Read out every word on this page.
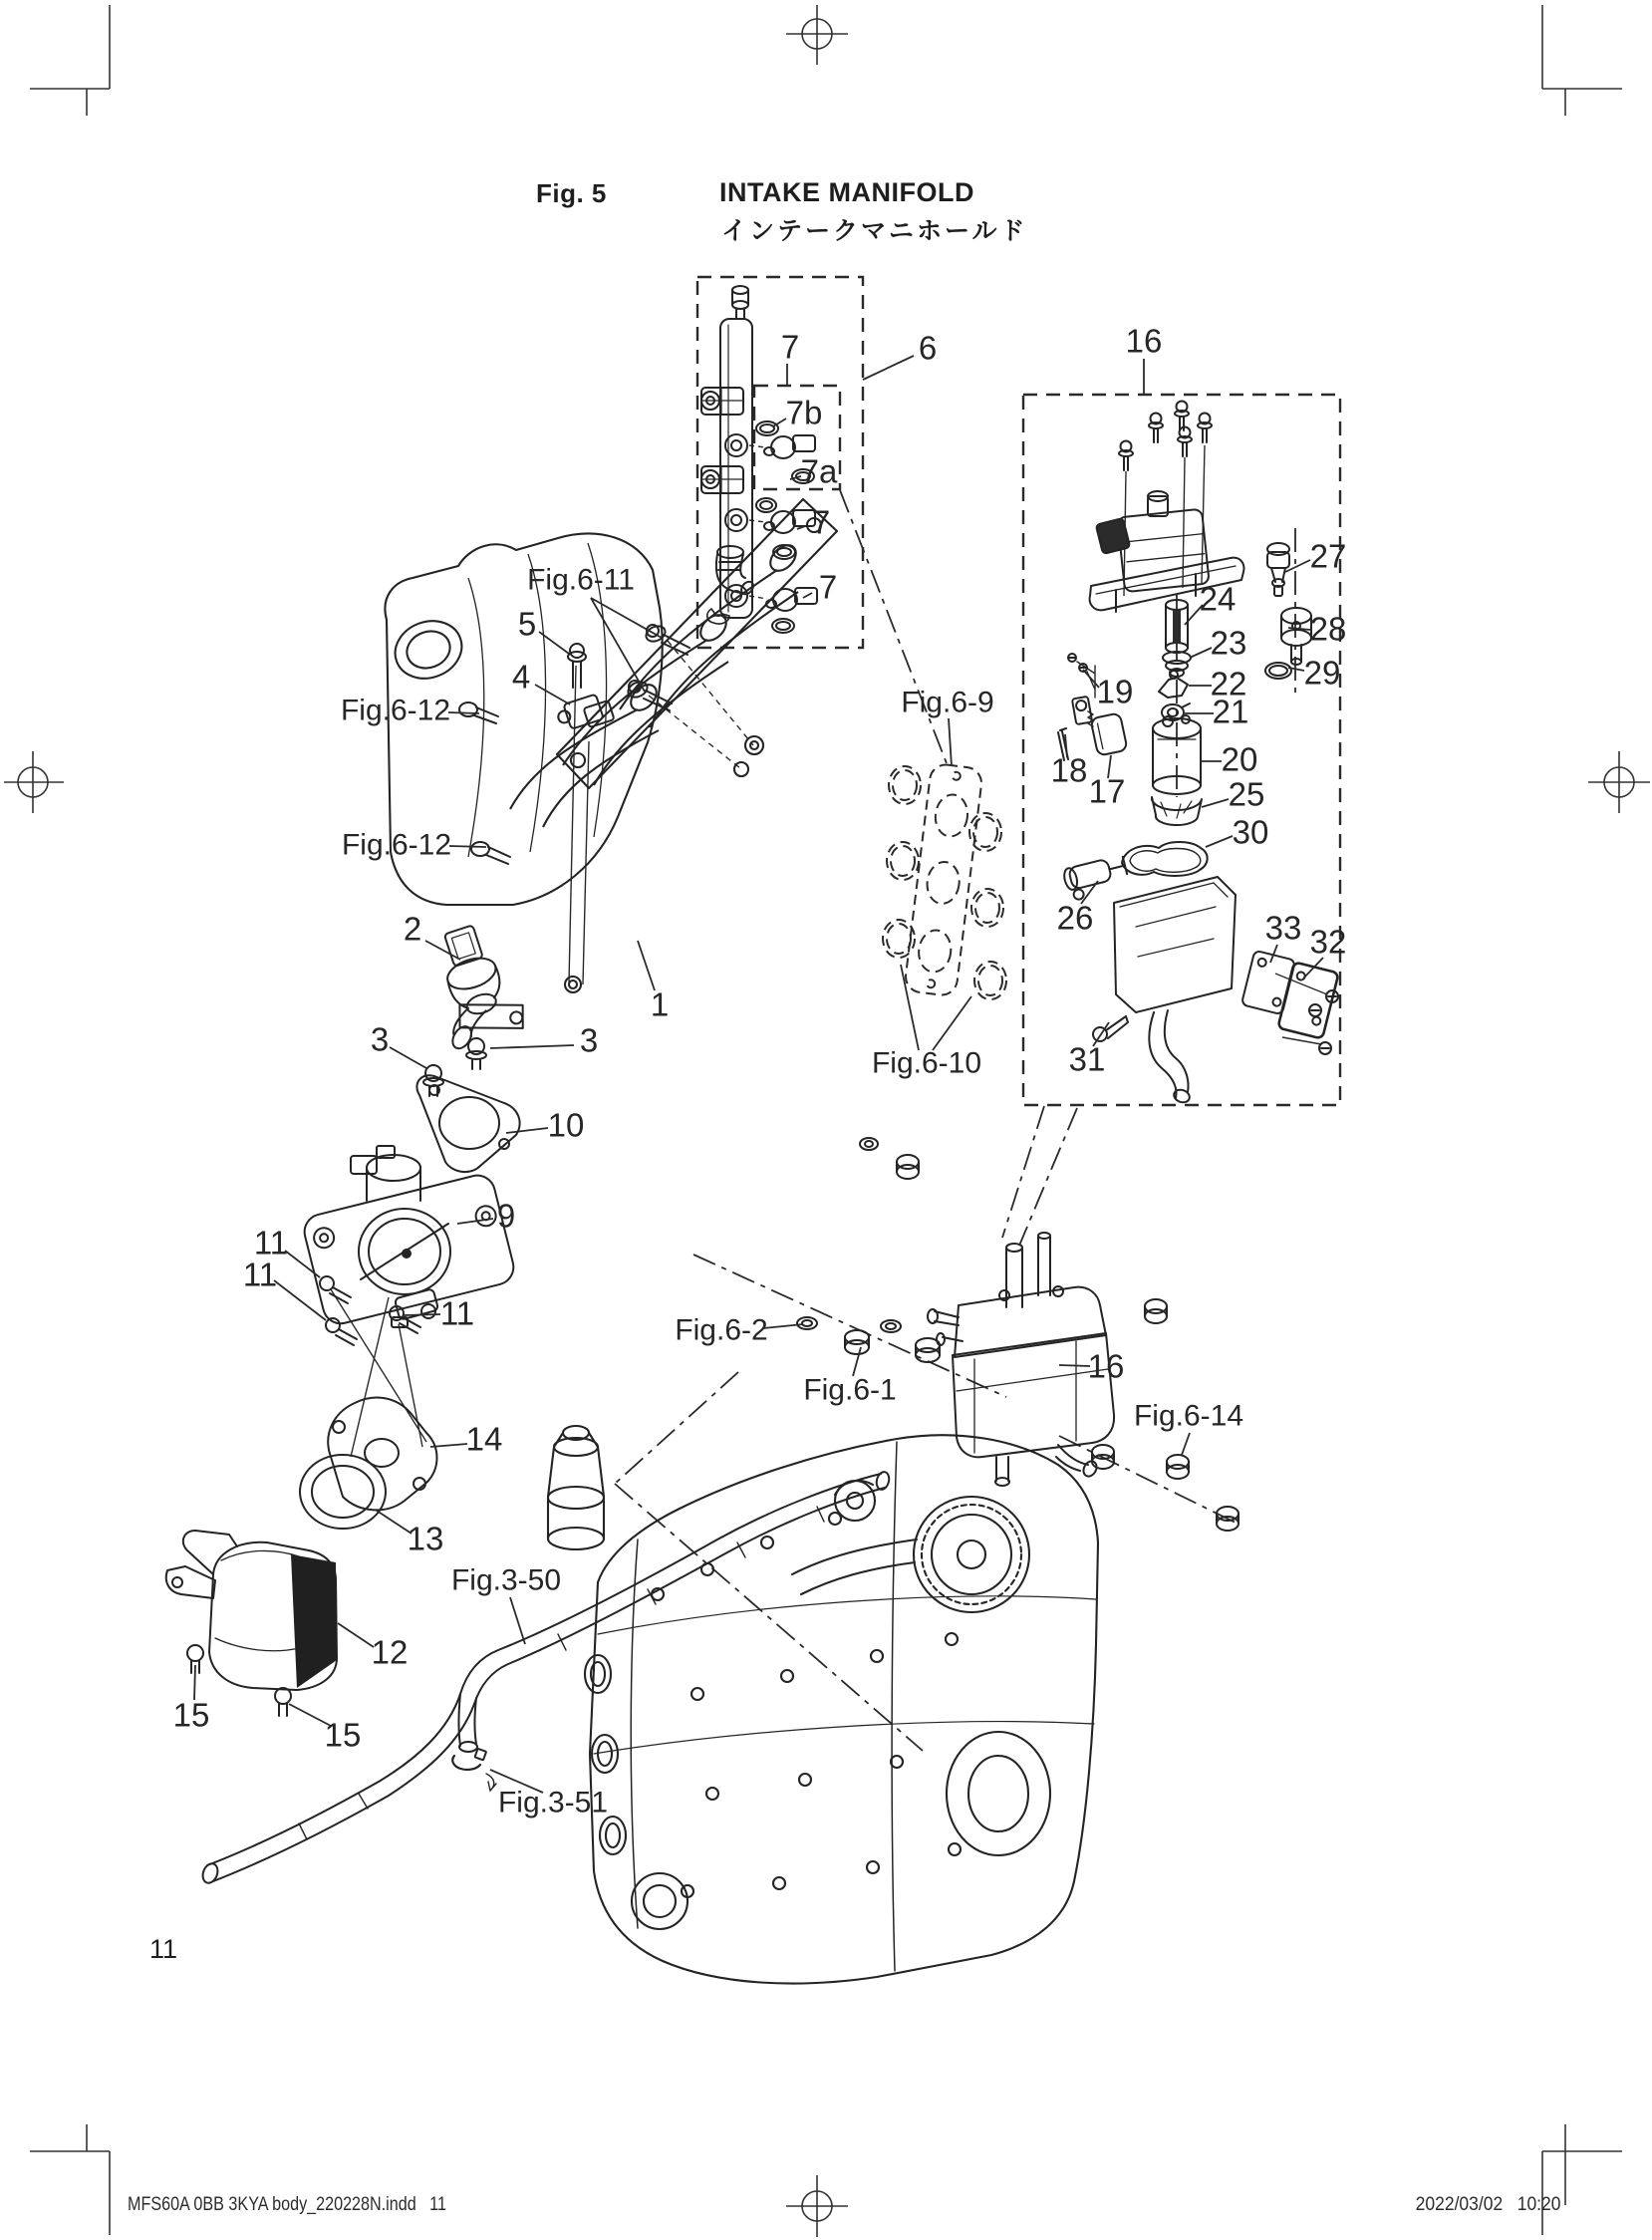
Fig. 5	INTAKE MANIFOLD
インテークマニホールド
11
MFS60A 0BB 3KYA body_220228N.indd   11	2022/03/02   10:20
7	6	16
7b
7a
7
7
Fig.6-11
5
4
Fig.6-12
Fig.6-12
2
1
3	3
10
9
11
11
11
14
13
12
15
15
Fig.3-50
Fig.3-51
Fig.6-9
Fig.6-10
Fig.6-2
Fig.6-1
16
Fig.6-14
27
24
28
23
29
22
19
21
20
18
17	25
30
26	33 32
31
